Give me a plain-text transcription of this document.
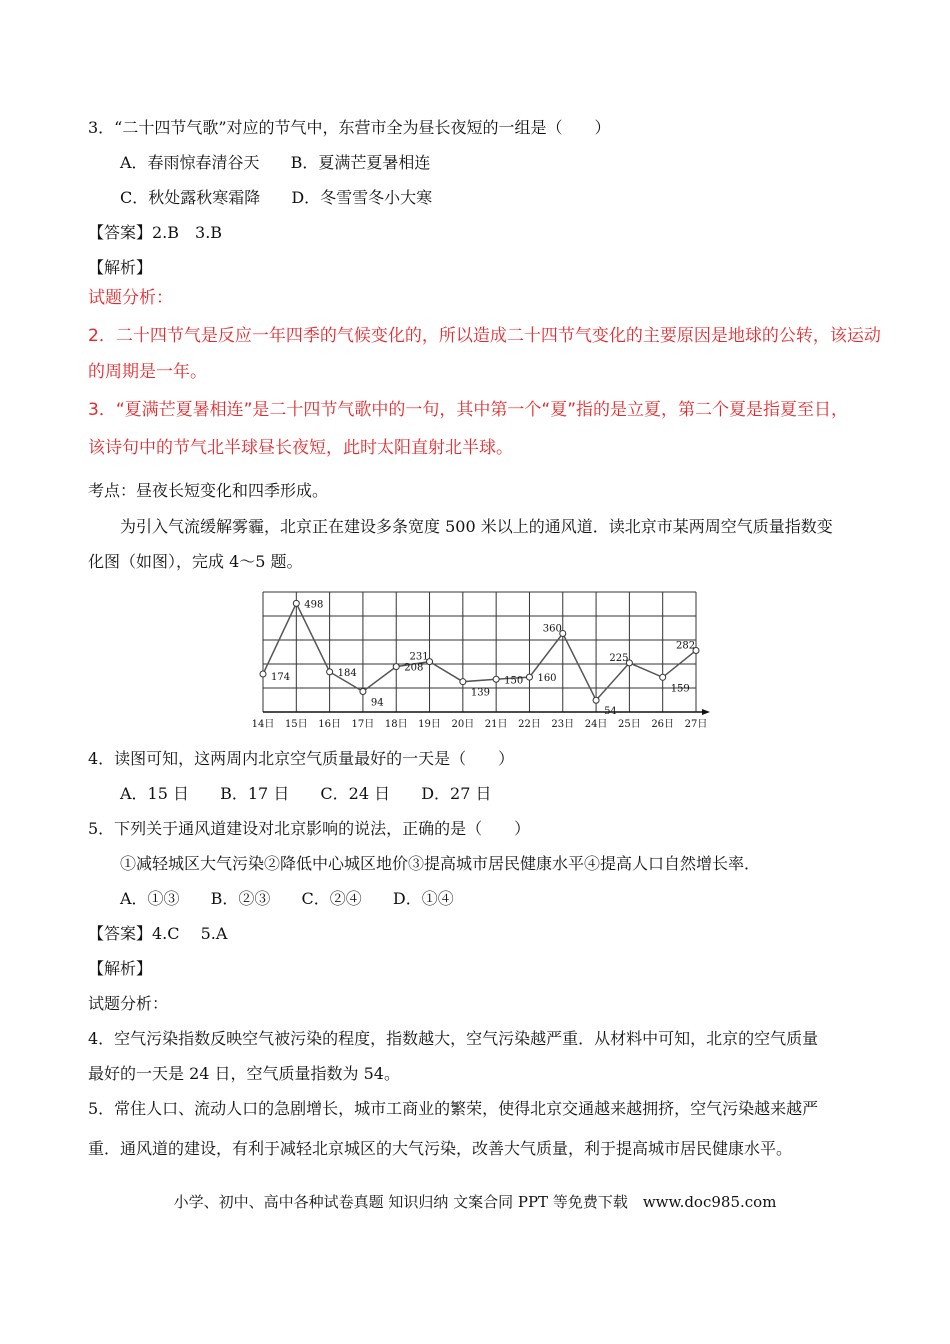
3．“二十四节气歌”对应的节气中，东营市全为昼长夜短的一组是（　　）
A．春雨惊春清谷天 B．夏满芒夏暑相连
C．秋处露秋寒霜降 D．冬雪雪冬小大寒
【答案】2.B　3.B
【解析】
试题分析：
2．二十四节气是反应一年四季的气候变化的，所以造成二十四节气变化的主要原因是地球的公转，该运动
的周期是一年。
3．“夏满芒夏暑相连”是二十四节气歌中的一句，其中第一个“夏”指的是立夏，第二个夏是指夏至日，
该诗句中的节气北半球昼长夜短，此时太阳直射北半球。
考点：昼夜长短变化和四季形成。
为引入气流缓解雾霾，北京正在建设多条宽度 500 米以上的通风道．读北京市某两周空气质量指数变
化图（如图），完成 4～5 题。
174
498
184
94
208
231
139
150 160
360
54
225
159
282
14日 15日 16日 17日 18日 19日 20日 21日 22日 23日 24日 25日 26日 27日
4．读图可知，这两周内北京空气质量最好的一天是（　　）
A．15 日 B．17 日 C．24 日 D．27 日
5．下列关于通风道建设对北京影响的说法，正确的是（　　）
①减轻城区大气污染②降低中心城区地价③提高城市居民健康水平④提高人口自然增长率．
A．①③ B．②③ C．②④ D．①④
【答案】4.C　 5.A
【解析】
试题分析：
4．空气污染指数反映空气被污染的程度，指数越大，空气污染越严重．从材料中可知，北京的空气质量
最好的一天是 24 日，空气质量指数为 54。
5．常住人口、流动人口的急剧增长，城市工商业的繁荣，使得北京交通越来越拥挤，空气污染越来越严
重．通风道的建设，有利于减轻北京城区的大气污染，改善大气质量，利于提高城市居民健康水平。
小学、初中、高中各种试卷真题 知识归纳 文案合同 PPT 等免费下载　www.doc985.com
